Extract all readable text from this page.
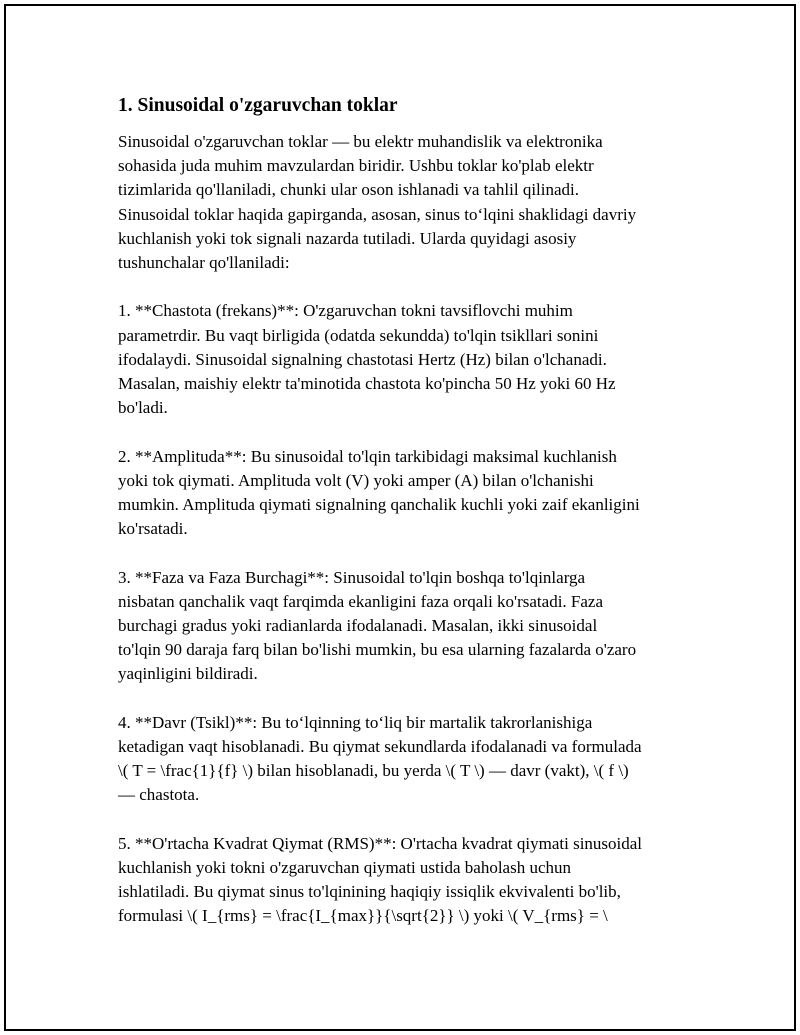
1. Sinusoidal o'zgaruvchan toklar

Sinusoidal o'zgaruvchan toklar — bu elektr muhandislik va elektronika
sohasida juda muhim mavzulardan biridir. Ushbu toklar ko'plab elektr
tizimlarida qo'llaniladi, chunki ular oson ishlanadi va tahlil qilinadi.
Sinusoidal toklar haqida gapirganda, asosan, sinus to‘lqini shaklidagi davriy
kuchlanish yoki tok signali nazarda tutiladi. Ularda quyidagi asosiy
tushunchalar qo'llaniladi:

1. **Chastota (frekans)**: O'zgaruvchan tokni tavsiflovchi muhim
parametrdir. Bu vaqt birligida (odatda sekundda) to'lqin tsikllari sonini
ifodalaydi. Sinusoidal signalning chastotasi Hertz (Hz) bilan o'lchanadi.
Masalan, maishiy elektr ta'minotida chastota ko'pincha 50 Hz yoki 60 Hz
bo'ladi.

2. **Amplituda**: Bu sinusoidal to'lqin tarkibidagi maksimal kuchlanish
yoki tok qiymati. Amplituda volt (V) yoki amper (A) bilan o'lchanishi
mumkin. Amplituda qiymati signalning qanchalik kuchli yoki zaif ekanligini
ko'rsatadi.

3. **Faza va Faza Burchagi**: Sinusoidal to'lqin boshqa to'lqinlarga
nisbatan qanchalik vaqt farqimda ekanligini faza orqali ko'rsatadi. Faza
burchagi gradus yoki radianlarda ifodalanadi. Masalan, ikki sinusoidal
to'lqin 90 daraja farq bilan bo'lishi mumkin, bu esa ularning fazalarda o'zaro
yaqinligini bildiradi.

4. **Davr (Tsikl)**: Bu to‘lqinning to‘liq bir martalik takrorlanishiga
ketadigan vaqt hisoblanadi. Bu qiymat sekundlarda ifodalanadi va formulada
\( T = \frac{1}{f} \) bilan hisoblanadi, bu yerda \( T \) — davr (vakt), \( f \)
— chastota.

5. **O'rtacha Kvadrat Qiymat (RMS)**: O'rtacha kvadrat qiymati sinusoidal
kuchlanish yoki tokni o'zgaruvchan qiymati ustida baholash uchun
ishlatiladi. Bu qiymat sinus to'lqinining haqiqiy issiqlik ekvivalenti bo'lib,
formulasi \( I_{rms} = \frac{I_{max}}{\sqrt{2}} \) yoki \( V_{rms} = \
